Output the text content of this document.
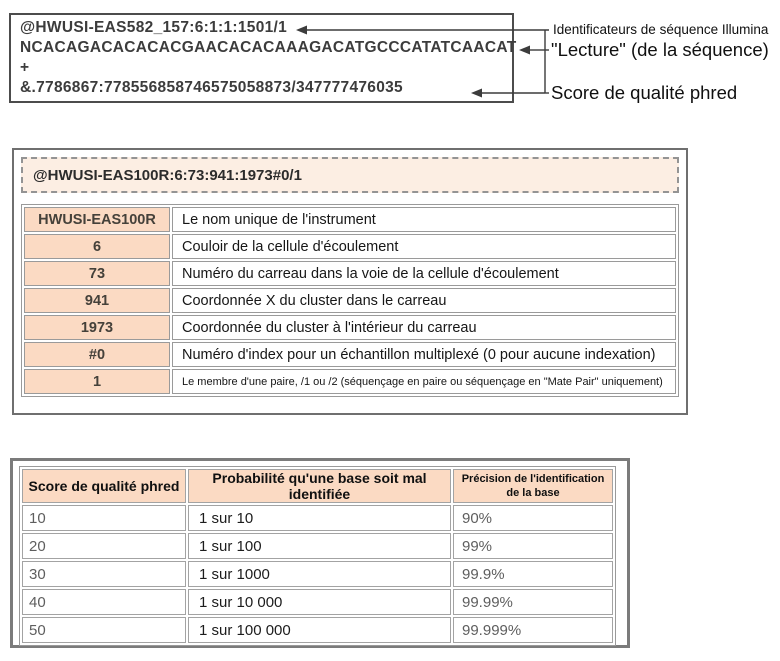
@HWUSI-EAS582_157:6:1:1:1501/1
NCACAGACACACACGAACACACAAAGACATGCCCATATCAACAT
+
&.7786867:778556858746575058873/347777476035
Identificateurs de séquence Illumina
"Lecture" (de la séquence)
Score de qualité phred
@HWUSI-EAS100R:6:73:941:1973#0/1
HWUSI-EAS100R	Le nom unique de l'instrument
6	Couloir de la cellule d'écoulement
73	Numéro du carreau dans la voie de la cellule d'écoulement
941	Coordonnée X du cluster dans le carreau
1973	Coordonnée du cluster à l'intérieur du carreau
#0	Numéro d'index pour un échantillon multiplexé (0 pour aucune indexation)
1	Le membre d'une paire, /1 ou /2 (séquençage en paire ou séquençage en "Mate Pair" uniquement)
Score de qualité phred	Probabilité qu'une base soit mal identifiée	Précision de l'identification
de la base

10	1 sur 10	90%
20	1 sur 100	99%
30	1 sur 1000	99.9%
40	1 sur 10 000	99.99%
50	1 sur 100 000	99.999%
